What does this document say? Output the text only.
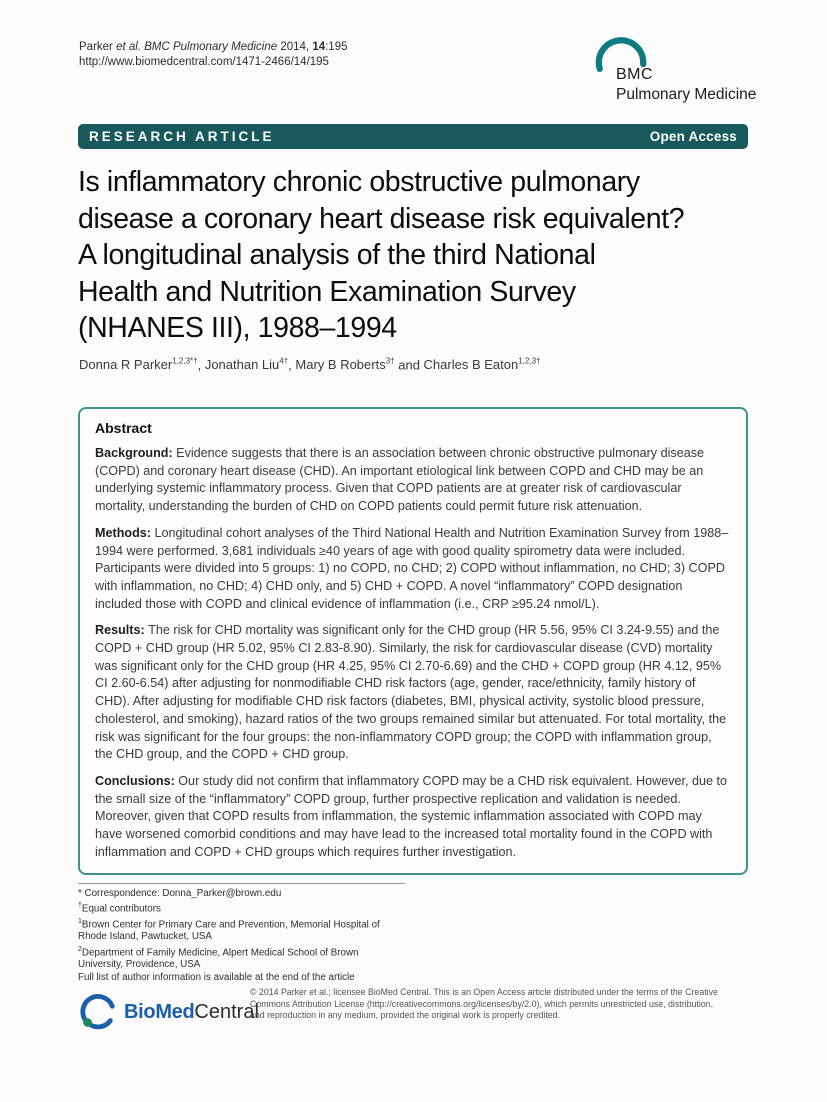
Parker et al. BMC Pulmonary Medicine 2014, 14:195
http://www.biomedcentral.com/1471-2466/14/195
BMC
Pulmonary Medicine
RESEARCH ARTICLE	Open Access
Is inflammatory chronic obstructive pulmonary
disease a coronary heart disease risk equivalent?
A longitudinal analysis of the third National
Health and Nutrition Examination Survey
(NHANES III), 1988–1994
Donna R Parker$^{1,2,3*\dagger}$, Jonathan Liu$^{4\dagger}$, Mary B Roberts$^{3\dagger}$ and Charles B Eaton$^{1,2,3\dagger}$
Abstract

Background: Evidence suggests that there is an association between chronic obstructive pulmonary disease (COPD) and coronary heart disease (CHD). An important etiological link between COPD and CHD may be an underlying systemic inflammatory process. Given that COPD patients are at greater risk of cardiovascular mortality, understanding the burden of CHD on COPD patients could permit future risk attenuation.

Methods: Longitudinal cohort analyses of the Third National Health and Nutrition Examination Survey from 1988–1994 were performed. 3,681 individuals ≥40 years of age with good quality spirometry data were included. Participants were divided into 5 groups: 1) no COPD, no CHD; 2) COPD without inflammation, no CHD; 3) COPD with inflammation, no CHD; 4) CHD only, and 5) CHD + COPD. A novel “inflammatory” COPD designation included those with COPD and clinical evidence of inflammation (i.e., CRP ≥95.24 nmol/L).

Results: The risk for CHD mortality was significant only for the CHD group (HR 5.56, 95% CI 3.24-9.55) and the COPD + CHD group (HR 5.02, 95% CI 2.83-8.90). Similarly, the risk for cardiovascular disease (CVD) mortality was significant only for the CHD group (HR 4.25, 95% CI 2.70-6.69) and the CHD + COPD group (HR 4.12, 95% CI 2.60-6.54) after adjusting for nonmodifiable CHD risk factors (age, gender, race/ethnicity, family history of CHD). After adjusting for modifiable CHD risk factors (diabetes, BMI, physical activity, systolic blood pressure, cholesterol, and smoking), hazard ratios of the two groups remained similar but attenuated. For total mortality, the risk was significant for the four groups: the non-inflammatory COPD group; the COPD with inflammation group, the CHD group, and the COPD + CHD group.

Conclusions: Our study did not confirm that inflammatory COPD may be a CHD risk equivalent. However, due to the small size of the “inflammatory” COPD group, further prospective replication and validation is needed. Moreover, given that COPD results from inflammation, the systemic inflammation associated with COPD may have worsened comorbid conditions and may have lead to the increased total mortality found in the COPD with inflammation and COPD + CHD groups which requires further investigation.

* Correspondence: Donna_Parker@brown.edu

†Equal contributors

$^1$Brown Center for Primary Care and Prevention, Memorial Hospital of Rhode Island, Pawtucket, USA

$^2$Department of Family Medicine, Alpert Medical School of Brown University, Providence, USA

Full list of author information is available at the end of the article

BioMed Central

© 2014 Parker et al.; licensee BioMed Central. This is an Open Access article distributed under the terms of the Creative Commons Attribution License (http://creativecommons.org/licenses/by/2.0), which permits unrestricted use, distribution, and reproduction in any medium, provided the original work is properly credited.
